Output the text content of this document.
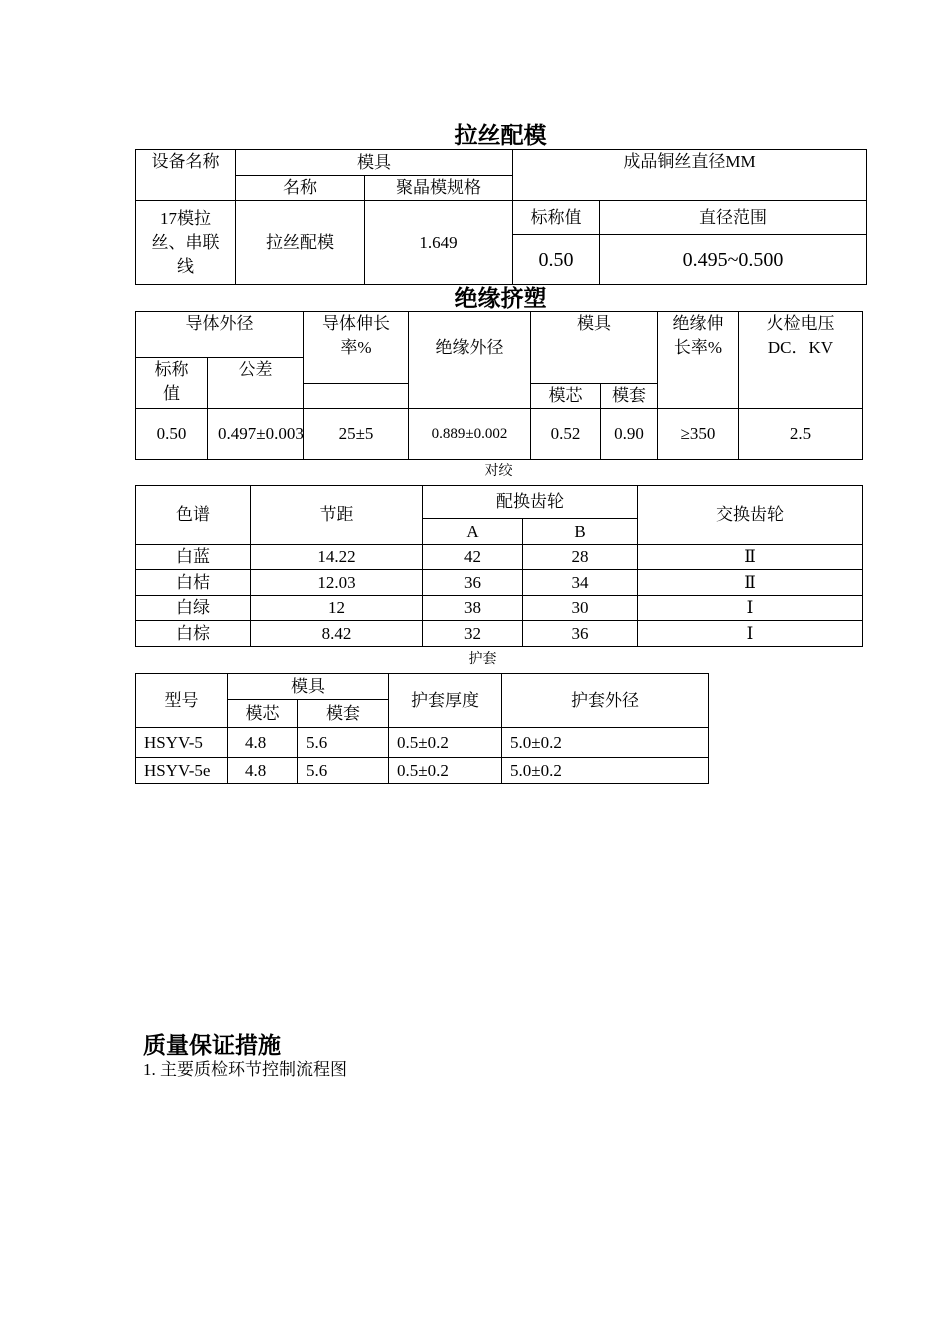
拉丝配模
设备名称	模具		成品铜丝直径MM	
	名称	聚晶模规格		
17模拉丝、串联线	拉丝配模	1.649	标称值	直径范围
			0.50	0.495~0.500
绝缘挤塑
导体外径		导体伸长率%	绝缘外径	模具		绝缘伸长率%	火检电压DC．KV
标称值	公差						
				模芯	模套		
0.50	0.497±0.003	25±5	0.889±0.002	0.52	0.90	≥350	2.5
对绞
色谱	节距	配换齿轮		交换齿轮
		A	B	
白蓝	14.22	42	28	Ⅱ
白桔	12.03	36	34	Ⅱ
白绿	12	38	30	Ⅰ
白棕	8.42	32	36	Ⅰ
护套
型号	模具		护套厚度	护套外径
	模芯	模套		
HSYV-5	4.8	5.6	0.5±0.2	5.0±0.2
HSYV-5e	4.8	5.6	0.5±0.2	5.0±0.2
质量保证措施
1. 主要质检环节控制流程图
